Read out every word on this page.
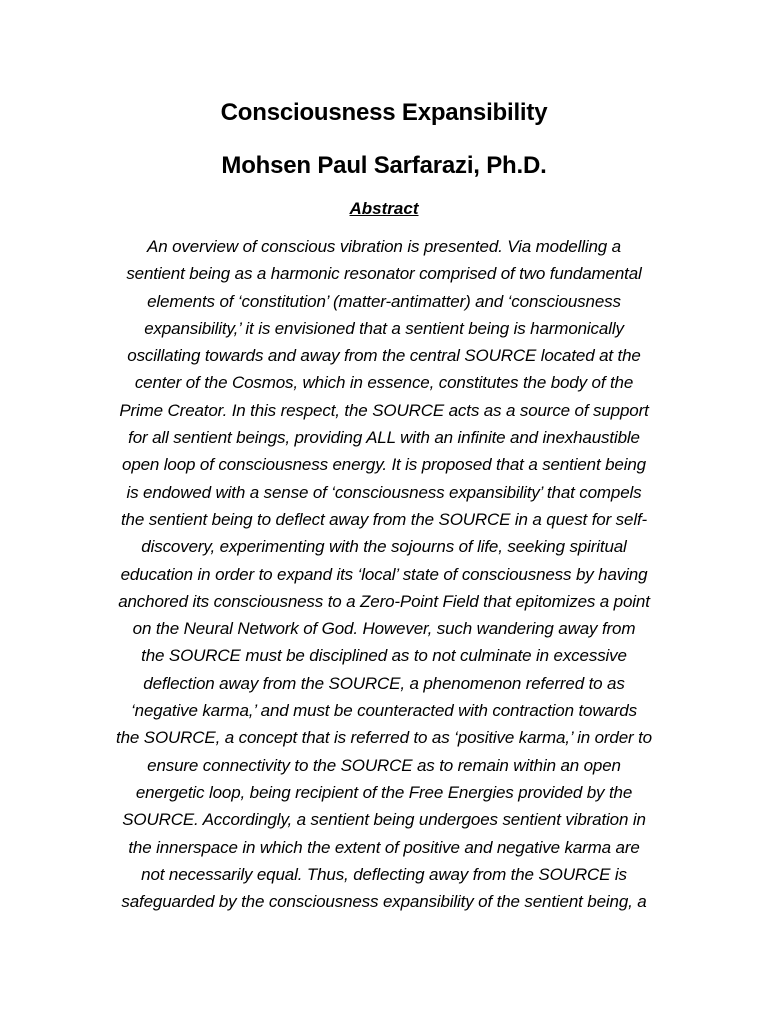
Consciousness Expansibility
Mohsen Paul Sarfarazi, Ph.D.
Abstract
An overview of conscious vibration is presented. Via modelling a
sentient being as a harmonic resonator comprised of two fundamental
elements of ‘constitution’ (matter-antimatter) and ‘consciousness
expansibility,’ it is envisioned that a sentient being is harmonically
oscillating towards and away from the central SOURCE located at the
center of the Cosmos, which in essence, constitutes the body of the
Prime Creator. In this respect, the SOURCE acts as a source of support
for all sentient beings, providing ALL with an infinite and inexhaustible
open loop of consciousness energy. It is proposed that a sentient being
is endowed with a sense of ‘consciousness expansibility’ that compels
the sentient being to deflect away from the SOURCE in a quest for self-
discovery, experimenting with the sojourns of life, seeking spiritual
education in order to expand its ‘local’ state of consciousness by having
anchored its consciousness to a Zero-Point Field that epitomizes a point
on the Neural Network of God. However, such wandering away from
the SOURCE must be disciplined as to not culminate in excessive
deflection away from the SOURCE, a phenomenon referred to as
‘negative karma,’ and must be counteracted with contraction towards
the SOURCE, a concept that is referred to as ‘positive karma,’ in order to
ensure connectivity to the SOURCE as to remain within an open
energetic loop, being recipient of the Free Energies provided by the
SOURCE. Accordingly, a sentient being undergoes sentient vibration in
the innerspace in which the extent of positive and negative karma are
not necessarily equal. Thus, deflecting away from the SOURCE is
safeguarded by the consciousness expansibility of the sentient being, a
